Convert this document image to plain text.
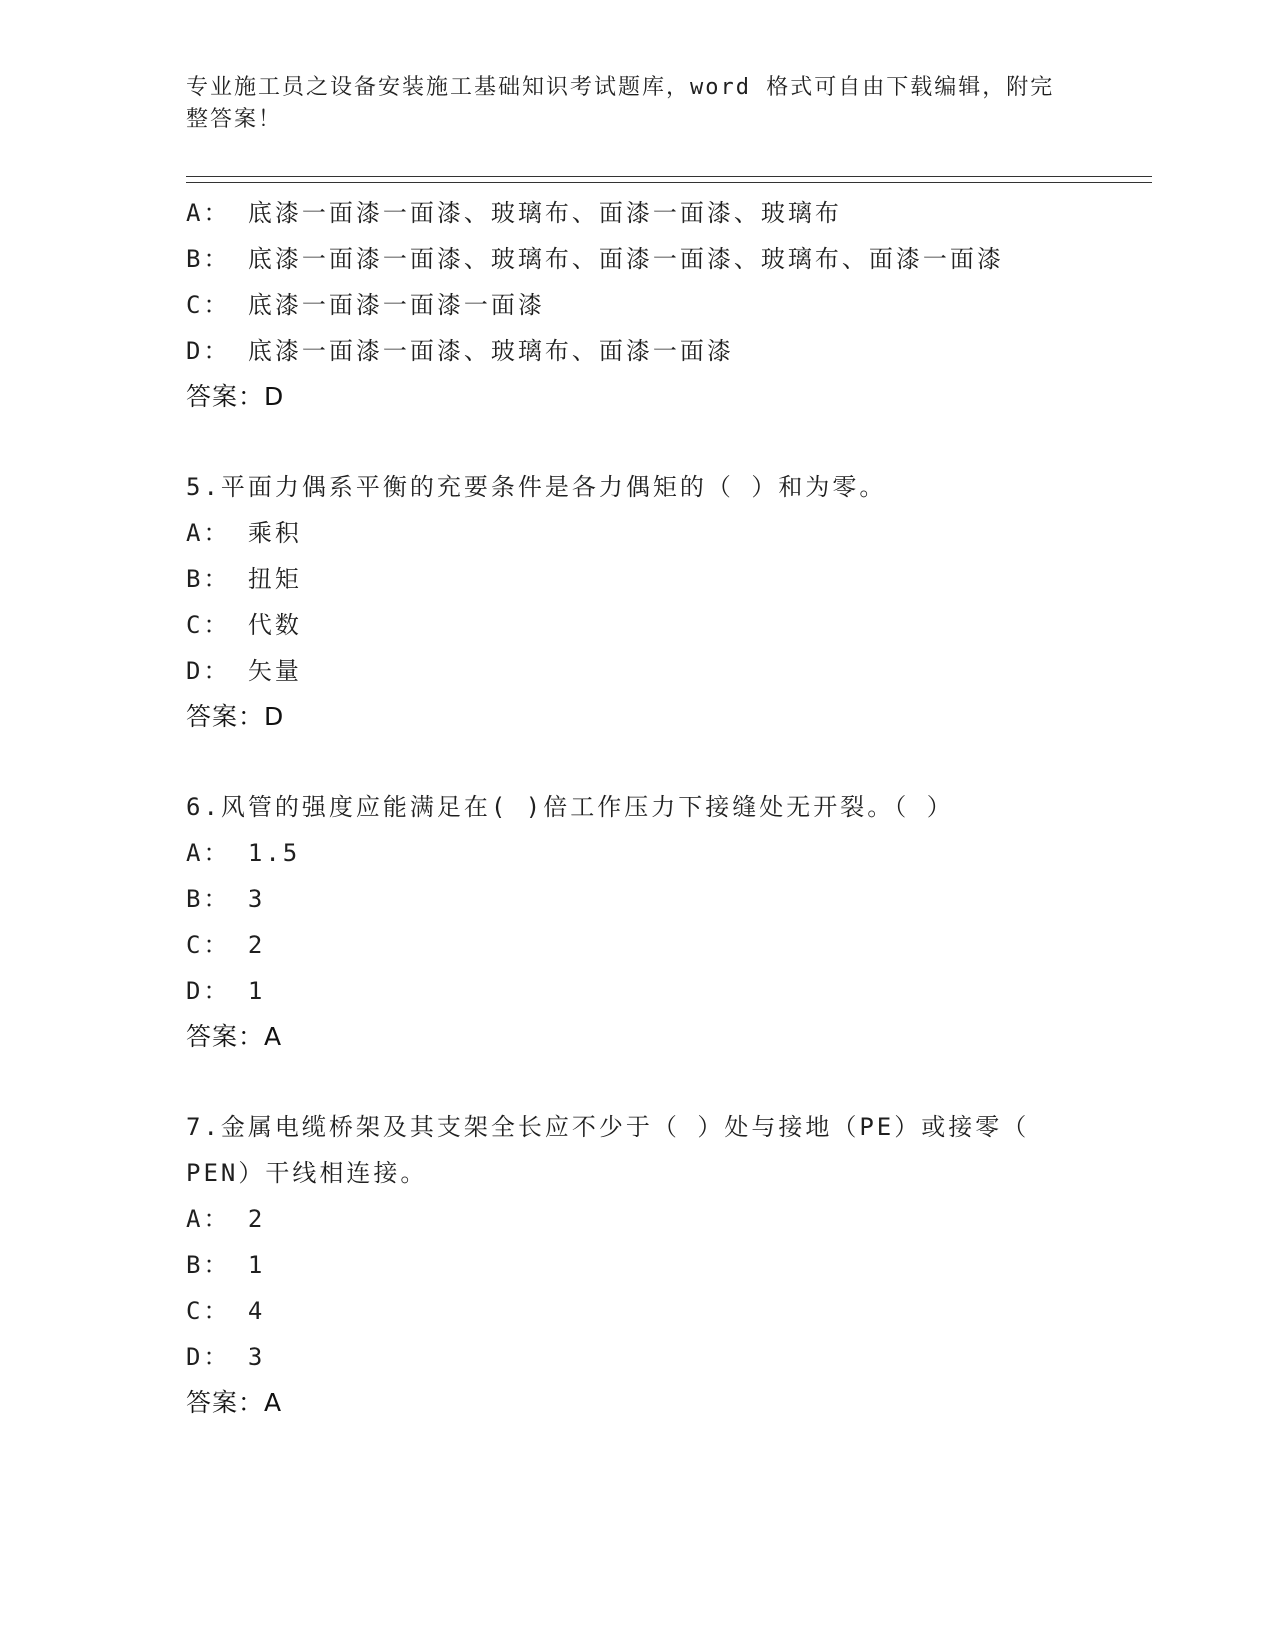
专业施工员之设备安装施工基础知识考试题库，word 格式可自由下载编辑，附完
整答案！
A： 底漆一面漆一面漆、玻璃布、面漆一面漆、玻璃布
B： 底漆一面漆一面漆、玻璃布、面漆一面漆、玻璃布、面漆一面漆
C： 底漆一面漆一面漆一面漆
D： 底漆一面漆一面漆、玻璃布、面漆一面漆
答案：D
5.平面力偶系平衡的充要条件是各力偶矩的（ ）和为零。
A： 乘积
B： 扭矩
C： 代数
D： 矢量
答案：D
6.风管的强度应能满足在( )倍工作压力下接缝处无开裂。（ ）
A： 1.5
B： 3
C： 2
D： 1
答案：A
7.金属电缆桥架及其支架全长应不少于（ ）处与接地（PE）或接零（
PEN）干线相连接。
A： 2
B： 1
C： 4
D： 3
答案：A
